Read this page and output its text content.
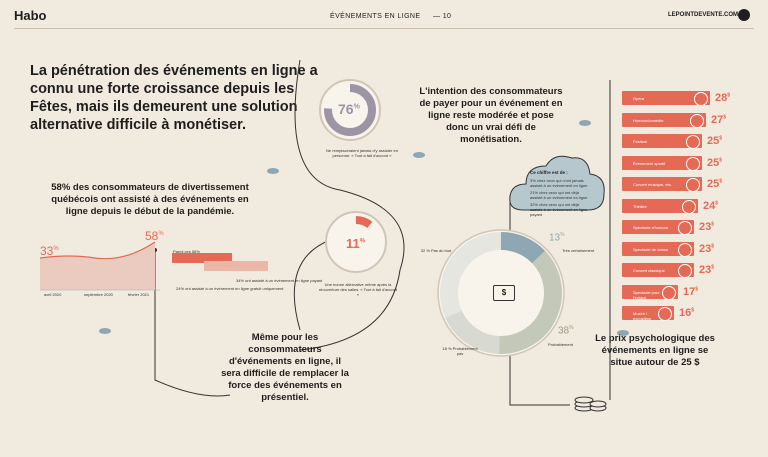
Habo	ÉVÉNEMENTS EN LIGNE — 10	LEPOINTDEVENTE.COM
La pénétration des événements en ligne a connu une forte croissance depuis les Fêtes, mais ils demeurent une solution alternative difficile à monétiser.
58% des consommateurs de divertissement québécois ont assisté à des événements en ligne depuis le début de la pandémie.
33%
58%
avril 2020	septembre 2020	février 2021
Parmi ces 58%
34% ont assisté à un événement en ligne payant
24% ont assisté à un événement en ligne gratuit uniquement
76%
Ne remplaceraient jamais d'y assister en personne. « Tout à fait d'accord »
11%
Une bonne alternative même après la réouverture des salles. « Tout à fait d'accord »
Même pour les consommateurs d'événements en ligne, il sera difficile de remplacer la force des événements en présentiel.
L'intention des consommateurs de payer pour un événement en ligne reste modérée et pose donc un vrai défi de monétisation.
Ce chiffre est de :
3% chez ceux qui n'ont jamais assisté à un événement en ligne
21% chez ceux qui ont déjà assisté à un événement en ligne
32% chez ceux qui ont déjà assisté à un événement en ligne payant
$
13%
Très certainement
38%
Probablement
32 % Pas du tout
18 % Probablement pas
Le prix psychologique des événements en ligne se situe autour de 25 $
Opéra	28$
Humour/comédie	27$
Festival	25$
Événement sportif	25$
Concert musique, etc.	25$
Théâtre	24$
Spectacle d'humour	23$
Spectacle de danse	23$
Concert classique	23$
Spectacle pour l'enfant	17$
Musée / exposition	16$
